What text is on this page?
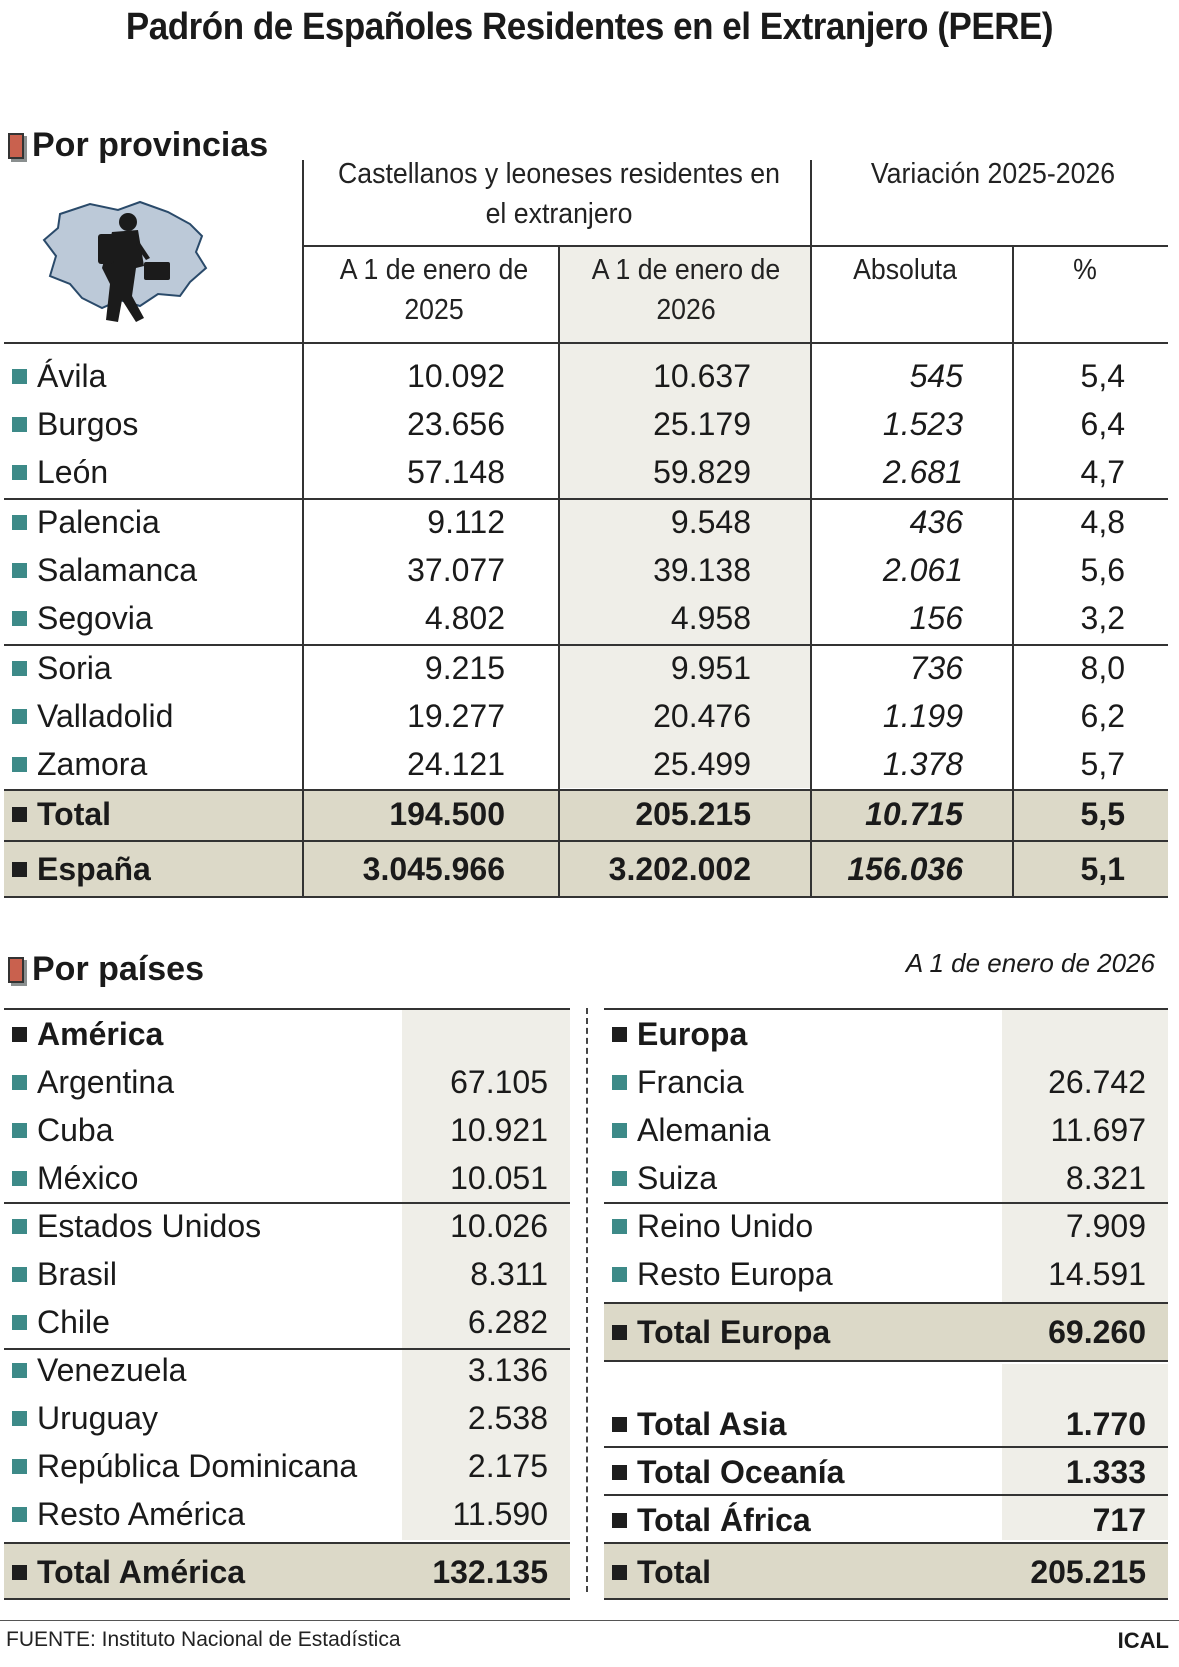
Padrón de Españoles Residentes en el Extranjero (PERE)
Por provincias
Castellanos y leoneses residentes en el extranjero
Variación 2025-2026
A 1 de enero de 2025
A 1 de enero de 2026
Absoluta	%
Ávila	10.092	10.637	545	5,4
Burgos	23.656	25.179	1.523	6,4
León	57.148	59.829	2.681	4,7
Palencia	9.112	9.548	436	4,8
Salamanca	37.077	39.138	2.061	5,6
Segovia	4.802	4.958	156	3,2
Soria	9.215	9.951	736	8,0
Valladolid	19.277	20.476	1.199	6,2
Zamora	24.121	25.499	1.378	5,7
Total	194.500	205.215	10.715	5,5
España	3.045.966	3.202.002	156.036	5,1
Por países	A 1 de enero de 2026
América
Argentina	67.105
Cuba	10.921
México	10.051
Estados Unidos	10.026
Brasil	8.311
Chile	6.282
Venezuela	3.136
Uruguay	2.538
República Dominicana	2.175
Resto América	11.590
Total América	132.135
Europa
Francia	26.742
Alemania	11.697
Suiza	8.321
Reino Unido	7.909
Resto Europa	14.591
Total Europa	69.260
Total Asia	1.770
Total Oceanía	1.333
Total África	717
Total	205.215
FUENTE: Instituto Nacional de Estadística	ICAL
